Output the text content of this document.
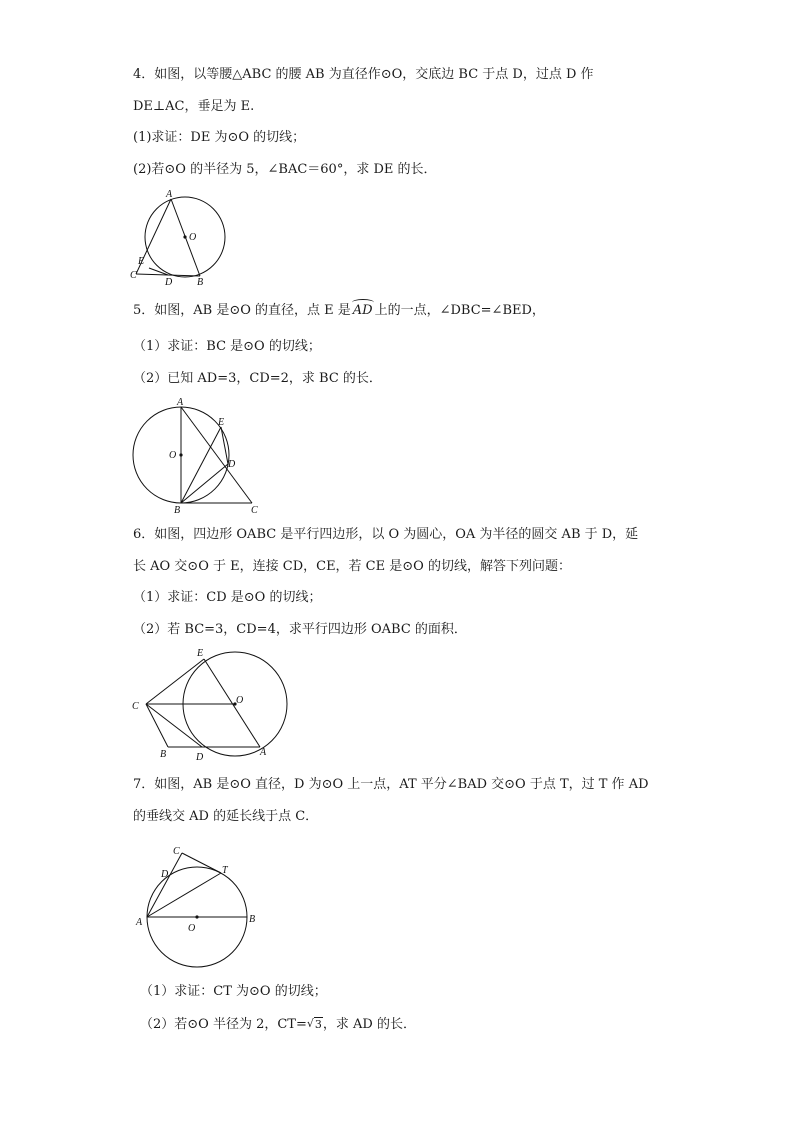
4．如图，以等腰△ABC 的腰 AB 为直径作⊙O，交底边 BC 于点 D，过点 D 作
DE⊥AC，垂足为 E.
(1)求证：DE 为⊙O 的切线；
(2)若⊙O 的半径为 5，∠BAC＝60°，求 DE 的长．
A
O
E
C
D B
5．如图，AB 是⊙O 的直径，点 E 是 AD 上的一点，∠DBC=∠BED，
（1）求证：BC 是⊙O 的切线；
（2）已知 AD=3，CD=2，求 BC 的长．
A
E
O
D
B	C
6．如图，四边形 OABC 是平行四边形，以 O 为圆心，OA 为半径的圆交 AB 于 D，延
长 AO 交⊙O 于 E，连接 CD，CE，若 CE 是⊙O 的切线，解答下列问题：
（1）求证：CD 是⊙O 的切线；
（2）若 BC=3，CD=4，求平行四边形 OABC 的面积．
E
C
O
B	D	A
7．如图，AB 是⊙O 直径，D 为⊙O 上一点，AT 平分∠BAD 交⊙O 于点 T，过 T 作 AD
的垂线交 AD 的延长线于点 C．
C
D	T
A
O
B
（1）求证：CT 为⊙O 的切线；
（2）若⊙O 半径为 2，CT=√3，求 AD 的长．
